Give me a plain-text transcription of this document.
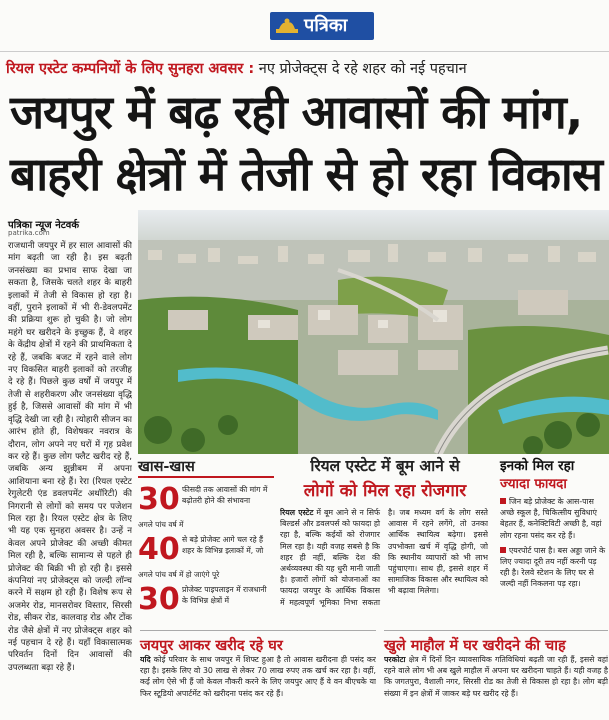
पत्रिका
रियल एस्टेट कम्पनियों के लिए सुनहरा अवसर : नए प्रोजेक्ट्स दे रहे शहर को नई पहचान
जयपुर में बढ़ रही आवासों की मांग,
बाहरी क्षेत्रों में तेजी से हो रहा विकास
पत्रिका न्यूज नेटवर्क
patrika.com
राजधानी जयपुर में हर साल आवासों की मांग बढ़ती जा रही है। इस बढ़ती जनसंख्या का प्रभाव साफ देखा जा सकता है, जिसके चलते शहर के बाहरी इलाकों में तेजी से विकास हो रहा है। वहीं, पुराने इलाकों में भी री-डेवलपमेंट की प्रक्रिया शुरू हो चुकी है। जो लोग महंगे घर खरीदने के इच्छुक हैं, वे शहर के केंद्रीय क्षेत्रों में रहने की प्राथमिकता दे रहे हैं, जबकि बजट में रहने वाले लोग नए विकसित बाहरी इलाकों को तरजीह दे रहे हैं। पिछले कुछ वर्षों में जयपुर में तेजी से शहरीकरण और जनसंख्या वृद्धि हुई है, जिससे आवासों की मांग में भी वृद्धि देखी जा रही है। त्योहारी सीजन का आरंभ होते ही, विशेषकर नवरात्र के दौरान, लोग अपने नए घरों में गृह प्रवेश कर रहे हैं। कुछ लोग फ्लैट खरीद रहे हैं, जबकि अन्य झुन्नीबम में अपना आशियाना बना रहे हैं। रेरा (रियल एस्टेट रेगुलेटरी एंड डवलपमेंट अथॉरिटी) की निगरानी से लोगों को समय पर पजेशन मिल रहा है। रियल एस्टेट क्षेत्र के लिए भी यह एक सुनहरा अवसर है। उन्हें न केवल अपने प्रोजेक्ट की अच्छी कीमत मिल रही है, बल्कि सामान्य से पहले ही प्रोजेक्ट की बिक्री भी हो रही है। इससे कंपनियां नए प्रोजेक्ट्स को जल्दी लॉन्च करने में सक्षम हो रही हैं। विशेष रूप से अजमेर रोड, मानसरोवर विस्तार, सिरसी रोड, सीकर रोड, कालवाड़ रोड और टोंक रोड जैसे क्षेत्रों में नए प्रोजेक्ट्स शहर को नई पहचान दे रहे हैं। यहाँ विकासात्मक परिवर्तन दिनों दिन आवासों की उपलब्धता बढ़ा रहे हैं।
खास-खास
30 फीसदी तक आवासों की मांग में बढ़ोतरी होने की संभावना
अगले पांच वर्ष में
40 से बड़े प्रोजेक्ट आगे चल रहे हैं शहर के विभिन्न इलाकों में, जो
अगले पांच वर्ष में हो जाएंगे पूरे
30 प्रोजेक्ट पाइपलाइन में राजधानी के विभिन्न क्षेत्रों में
रियल एस्टेट में बूम आने से
लोगों को मिल रहा रोजगार
रियल एस्टेट में बूम आने से न सिर्फ बिल्डर्स और डवलपर्स को फायदा हो रहा है, बल्कि कईयों को रोजगार मिल रहा है। यही वजह सबसे है कि शहर ही नहीं, बल्कि देश की अर्थव्यवस्था की यह धुरी मानी जाती है। हजारों लोगों को योजनाओं का फायदा जयपुर के आर्थिक विकास में महत्वपूर्ण भूमिका निभा सकता है। जब मध्यम वर्ग के लोग सस्ते आवास में रहने लगेंगे, तो उनका आर्थिक स्थायित्व बढ़ेगा। इससे उपभोक्ता खर्च में वृद्धि होगी, जो कि स्थानीय व्यापारों को भी लाभ पहुंचाएगा। साथ ही, इससे शहर में सामाजिक विकास और स्थायित्व को भी बढ़ावा मिलेगा।
इनको मिल रहा
ज्यादा फायदा

जिन बड़े प्रोजेक्ट के आस-पास अच्छे स्कूल है, चिकित्सीय सुविधाएं बेहतर हैं, कनेक्टिविटी अच्छी है, वहां लोग रहना पसंद कर रहे हैं।

एयरपोर्ट पास है। बस अड्डा जाने के लिए ज्यादा दूरी तय नहीं करनी पड़ रही है। रेलवे स्टेशन के लिए घर से जल्दी नहीं निकलना पड़ रहा।

जयपुर आकर खरीद रहे घर
यदि कोई परिवार के साथ जयपुर में शिफ्ट हुआ है तो आवास खरीदना ही पसंद कर रहा है। इसके लिए वो 30 लाख से लेकर 70 लाख रुपए तक खर्च कर रहा है। वहीं, कई लोग ऐसे भी हैं जो केवल नौकरी करने के लिए जयपुर आए हैं वे वन बीएचके या फिर स्टूडियो अपार्टमेंट को खरीदना पसंद कर रहे हैं।
खुले माहौल में घर खरीदने की चाह
परकोटा क्षेत्र में दिनों दिन व्यावसायिक गतिविधियां बढ़ती जा रही हैं, इससे वहां रहने वाले लोग भी अब खुले माहौल में अपना घर खरीदना चाहते हैं। यही वजह है कि जगतपुरा, वैशाली नगर, सिरसी रोड का तेजी से विकास हो रहा है। लोग बड़ी संख्या में इन क्षेत्रों में जाकर बड़े घर खरीद रहे हैं।
